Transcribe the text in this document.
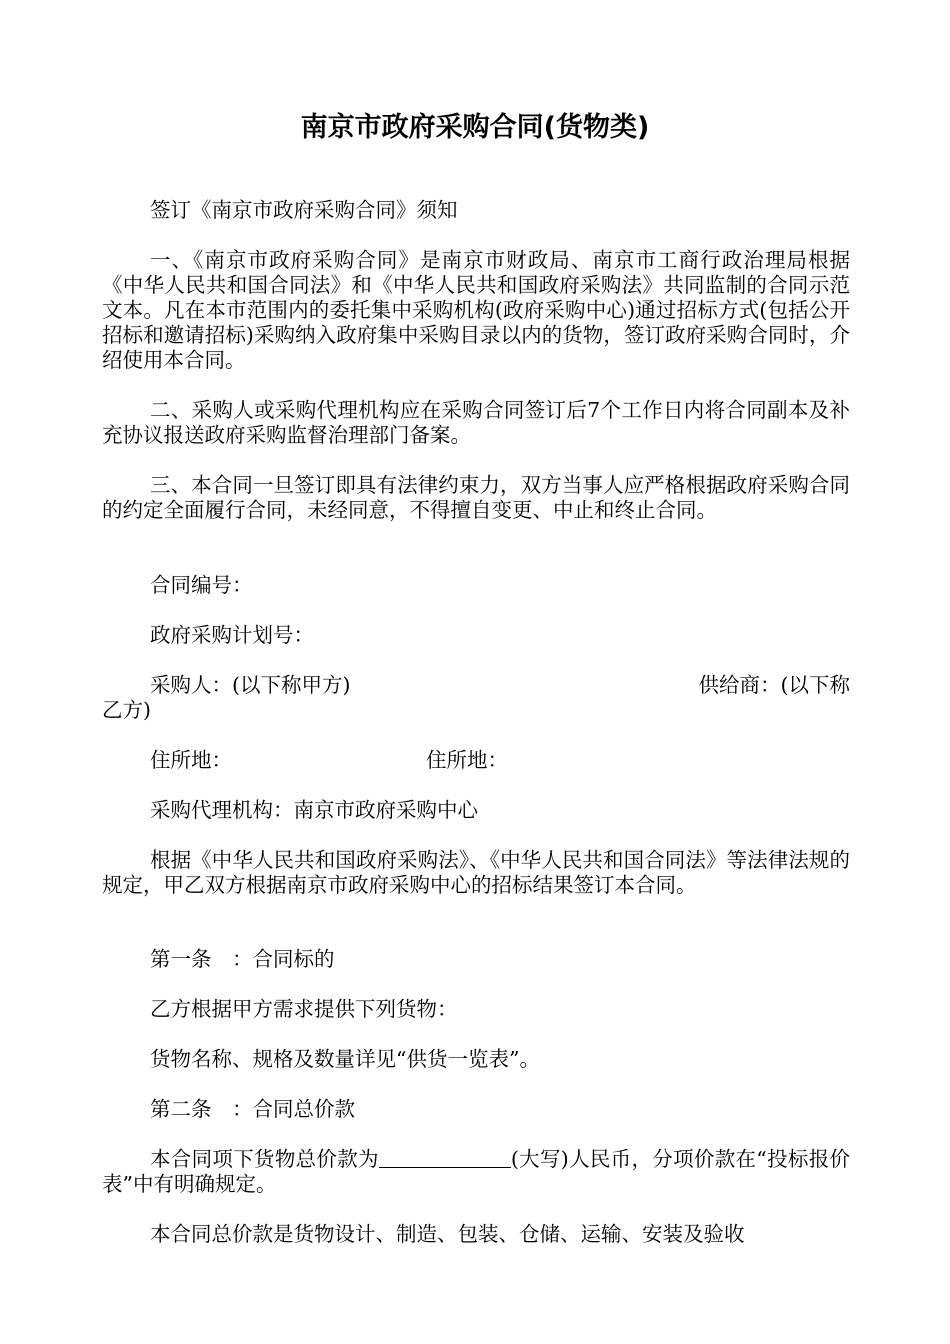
南京市政府采购合同(货物类)

签订《南京市政府采购合同》须知

一、《南京市政府采购合同》是南京市财政局、南京市工商行政治理局根据《中华人民共和国合同法》和《中华人民共和国政府采购法》共同监制的合同示范文本。凡在本市范围内的委托集中采购机构(政府采购中心)通过招标方式(包括公开招标和邀请招标)采购纳入政府集中采购目录以内的货物，签订政府采购合同时，介绍使用本合同。

二、采购人或采购代理机构应在采购合同签订后7个工作日内将合同副本及补充协议报送政府采购监督治理部门备案。

三、本合同一旦签订即具有法律约束力，双方当事人应严格根据政府采购合同的约定全面履行合同，未经同意，不得擅自变更、中止和终止合同。

合同编号：
政府采购计划号：
采购人：(以下称甲方)	供给商：(以下称
乙方)
住所地：	住所地：
采购代理机构：南京市政府采购中心

根据《中华人民共和国政府采购法》、《中华人民共和国合同法》等法律法规的规定，甲乙双方根据南京市政府采购中心的招标结果签订本合同。

第一条　：合同标的
乙方根据甲方需求提供下列货物：
货物名称、规格及数量详见“供货一览表”。
第二条　：合同总价款

本合同项下货物总价款为	(大写)人民币，分项价款在“投标报价表”中有明确规定。

本合同总价款是货物设计、制造、包装、仓储、运输、安装及验收
